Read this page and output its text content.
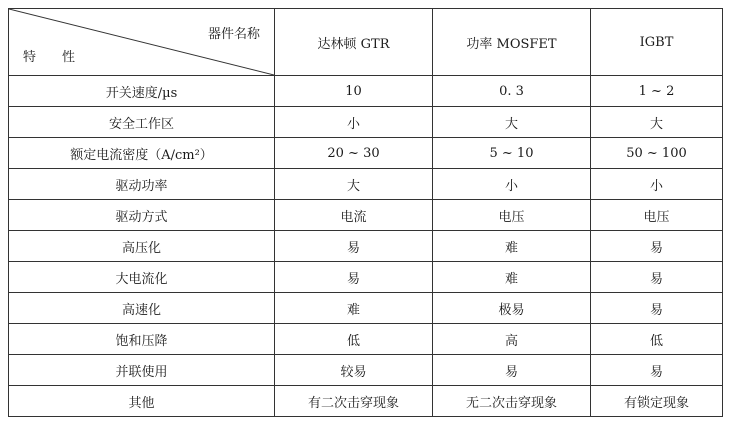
器件名称
特性	达林顿 GTR	功率 MOSFET	IGBT
开关速度/µs	10	0. 3	1 ~ 2
安全工作区	小	大	大
额定电流密度（A/cm²）	20 ~ 30	5 ~ 10	50 ~ 100
驱动功率	大	小	小
驱动方式	电流	电压	电压
高压化	易	难	易
大电流化	易	难	易
高速化	难	极易	易
饱和压降	低	高	低
并联使用	较易	易	易
其他	有二次击穿现象	无二次击穿现象	有锁定现象
